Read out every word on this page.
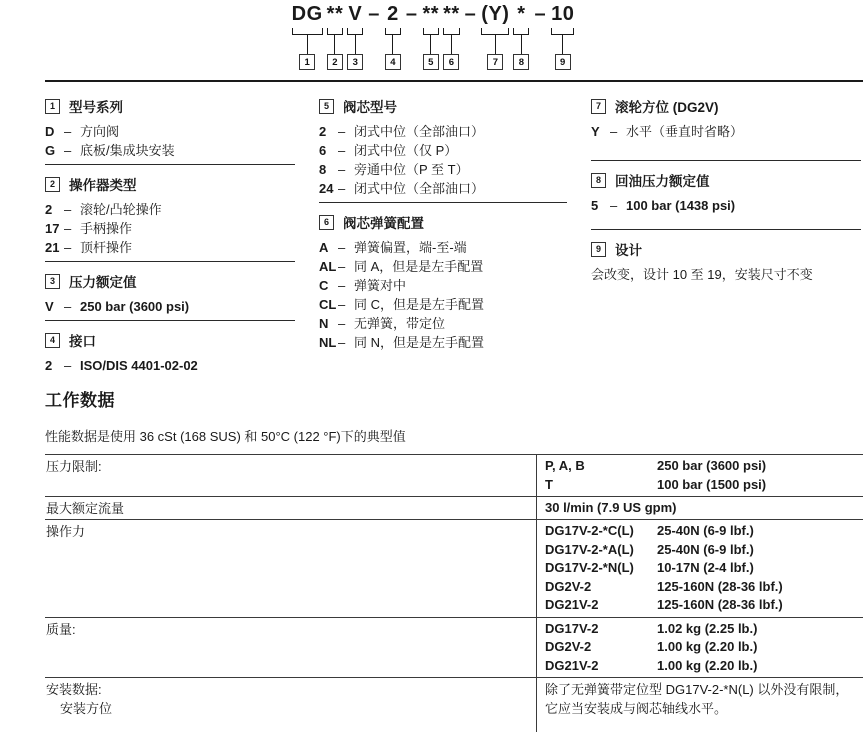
DG
1
**
2
V
3
– 2
4
– **
5
**
6
– (Y)
7
*
8
– 10
9
1	型号系列
D – 方向阀
G – 底板/集成块安装
2	操作器类型
2 – 滚轮/凸轮操作
17 – 手柄操作
21 – 顶杆操作
3	压力额定值
V – 250 bar (3600 psi)
4	接口
2 – ISO/DIS 4401-02-02
5	阀芯型号
2 – 闭式中位（全部油口）
6 – 闭式中位（仅 P）
8 – 旁通中位（P 至 T）
24 – 闭式中位（全部油口）
6	阀芯弹簧配置
A – 弹簧偏置，端-至-端
AL – 同 A，但是是左手配置
C – 弹簧对中
CL – 同 C，但是是左手配置
N – 无弹簧，带定位
NL – 同 N，但是是左手配置
7	滚轮方位 (DG2V)
Y – 水平（垂直时省略）
8	回油压力额定值
5 – 100 bar (1438 psi)
9	设计
会改变，设计 10 至 19，安装尺寸不变
工作数据
性能数据是使用 36 cSt (168 SUS) 和 50°C (122 °F)下的典型值
压力限制:	P, A, B	250 bar (3600 psi)
T	100 bar (1500 psi)
最大额定流量	30 l/min (7.9 US gpm)
操作力	DG17V-2-*C(L)	25-40N (6-9 lbf.)
DG17V-2-*A(L)	25-40N (6-9 lbf.)
DG17V-2-*N(L)	10-17N (2-4 lbf.)
DG2V-2	125-160N (28-36 lbf.)
DG21V-2	125-160N (28-36 lbf.)
质量:	DG17V-2	1.02 kg (2.25 lb.)
DG2V-2	1.00 kg (2.20 lb.)
DG21V-2	1.00 kg (2.20 lb.)
安装数据:
安装方位
除了无弹簧带定位型 DG17V-2-*N(L) 以外没有限制，它应当安装成与阀芯轴线水平。
